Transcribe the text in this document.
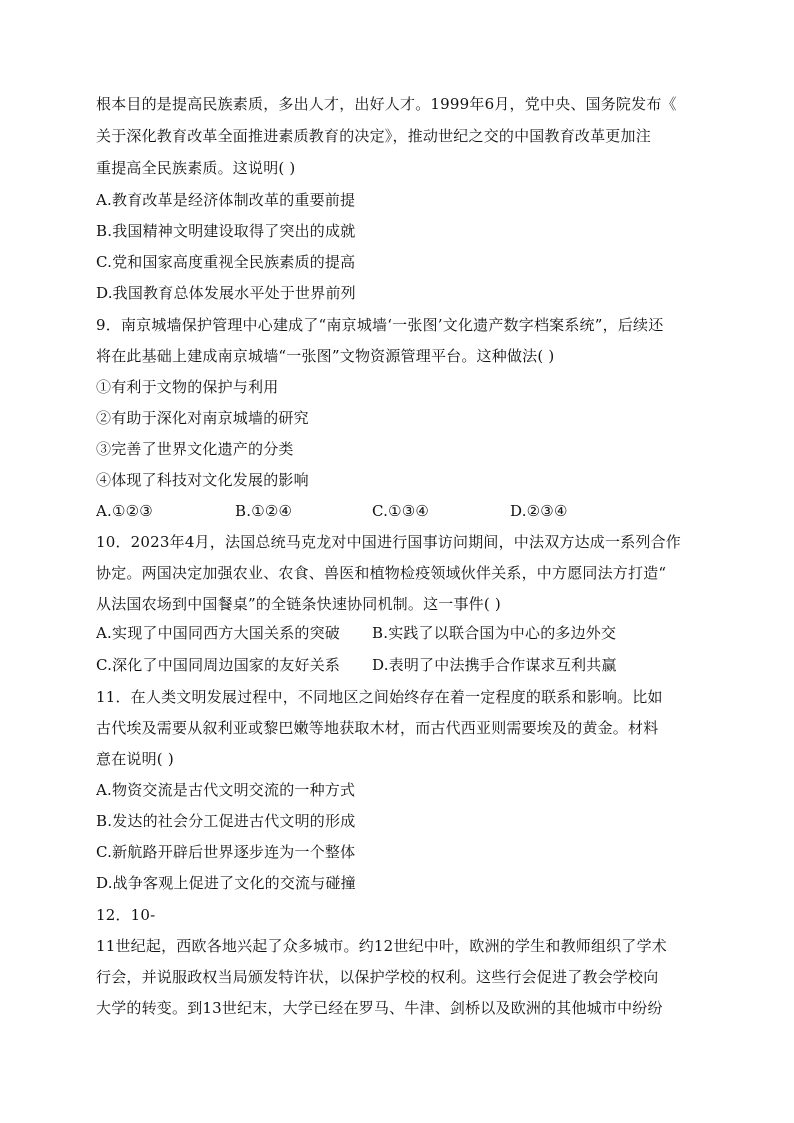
根本目的是提高民族素质，多出人才，出好人才。1999年6月，党中央、国务院发布《
关于深化教育改革全面推进素质教育的决定》，推动世纪之交的中国教育改革更加注
重提高全民族素质。这说明( )
A.教育改革是经济体制改革的重要前提
B.我国精神文明建设取得了突出的成就
C.党和国家高度重视全民族素质的提高
D.我国教育总体发展水平处于世界前列
9．南京城墙保护管理中心建成了“南京城墙‘一张图’文化遗产数字档案系统”，后续还
将在此基础上建成南京城墙“一张图”文物资源管理平台。这种做法( )
①有利于文物的保护与利用
②有助于深化对南京城墙的研究
③完善了世界文化遗产的分类
④体现了科技对文化发展的影响
A.①②③	B.①②④	C.①③④	D.②③④
10．2023年4月，法国总统马克龙对中国进行国事访问期间，中法双方达成一系列合作
协定。两国决定加强农业、农食、兽医和植物检疫领域伙伴关系，中方愿同法方打造“
从法国农场到中国餐桌”的全链条快速协同机制。这一事件( )
A.实现了中国同西方大国关系的突破 B.实践了以联合国为中心的多边外交
C.深化了中国同周边国家的友好关系 D.表明了中法携手合作谋求互利共赢
11．在人类文明发展过程中，不同地区之间始终存在着一定程度的联系和影响。比如
古代埃及需要从叙利亚或黎巴嫩等地获取木材，而古代西亚则需要埃及的黄金。材料
意在说明( )
A.物资交流是古代文明交流的一种方式
B.发达的社会分工促进古代文明的形成
C.新航路开辟后世界逐步连为一个整体
D.战争客观上促进了文化的交流与碰撞
12．10-
11世纪起，西欧各地兴起了众多城市。约12世纪中叶，欧洲的学生和教师组织了学术
行会，并说服政权当局颁发特许状，以保护学校的权利。这些行会促进了教会学校向
大学的转变。到13世纪末，大学已经在罗马、牛津、剑桥以及欧洲的其他城市中纷纷
